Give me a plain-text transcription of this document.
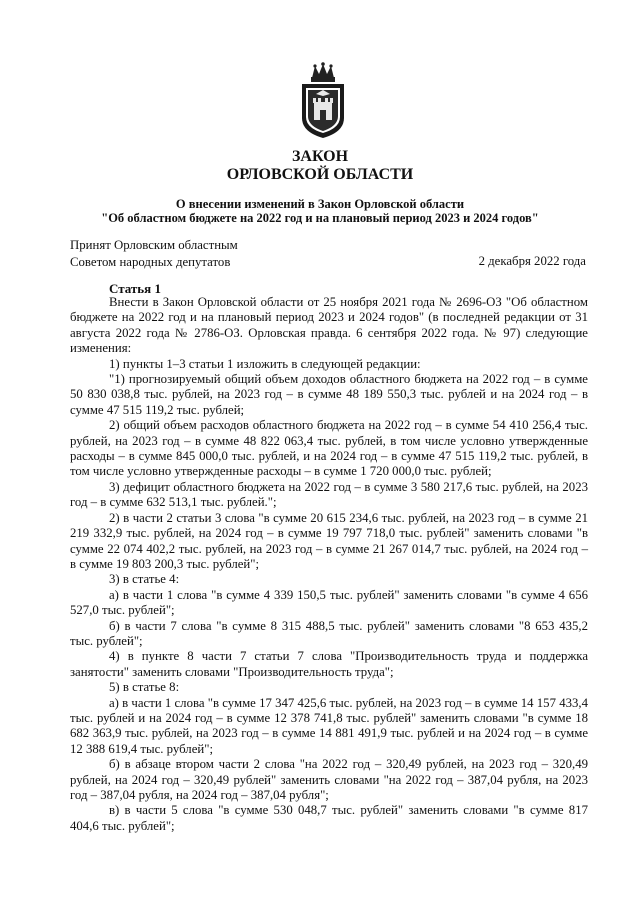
ЗАКОН
ОРЛОВСКОЙ ОБЛАСТИ
О внесении изменений в Закон Орловской области
"Об областном бюджете на 2022 год и на плановый период 2023 и 2024 годов"
Принят Орловским областным
Советом народных депутатов	2 декабря 2022 года
Статья 1

Внести в Закон Орловской области от 25 ноября 2021 года № 2696-ОЗ "Об областном бюджете на 2022 год и на плановый период 2023 и 2024 годов" (в последней редакции от 31 августа 2022 года № 2786-ОЗ. Орловская правда. 6 сентября 2022 года. № 97) следующие изменения:

1) пункты 1–3 статьи 1 изложить в следующей редакции:

"1) прогнозируемый общий объем доходов областного бюджета на 2022 год – в сумме 50 830 038,8 тыс. рублей, на 2023 год – в сумме 48 189 550,3 тыс. рублей и на 2024 год – в сумме 47 515 119,2 тыс. рублей;

2) общий объем расходов областного бюджета на 2022 год – в сумме 54 410 256,4 тыс. рублей, на 2023 год – в сумме 48 822 063,4 тыс. рублей, в том числе условно утвержденные расходы – в сумме 845 000,0 тыс. рублей, и на 2024 год – в сумме 47 515 119,2 тыс. рублей, в том числе условно утвержденные расходы – в сумме 1 720 000,0 тыс. рублей;

3) дефицит областного бюджета на 2022 год – в сумме 3 580 217,6 тыс. рублей, на 2023 год – в сумме 632 513,1 тыс. рублей.";

2) в части 2 статьи 3 слова "в сумме 20 615 234,6 тыс. рублей, на 2023 год – в сумме 21 219 332,9 тыс. рублей, на 2024 год – в сумме 19 797 718,0 тыс. рублей" заменить словами "в сумме 22 074 402,2 тыс. рублей, на 2023 год – в сумме 21 267 014,7 тыс. рублей, на 2024 год – в сумме 19 803 200,3 тыс. рублей";

3) в статье 4:

а) в части 1 слова "в сумме 4 339 150,5 тыс. рублей" заменить словами "в сумме 4 656 527,0 тыс. рублей";

б) в части 7 слова "в сумме 8 315 488,5 тыс. рублей" заменить словами "8 653 435,2 тыс. рублей";

4) в пункте 8 части 7 статьи 7 слова "Производительность труда и поддержка занятости" заменить словами "Производительность труда";

5) в статье 8:

а) в части 1 слова "в сумме 17 347 425,6 тыс. рублей, на 2023 год – в сумме 14 157 433,4 тыс. рублей и на 2024 год – в сумме 12 378 741,8 тыс. рублей" заменить словами "в сумме 18 682 363,9 тыс. рублей, на 2023 год – в сумме 14 881 491,9 тыс. рублей и на 2024 год – в сумме 12 388 619,4 тыс. рублей";

б) в абзаце втором части 2 слова "на 2022 год – 320,49 рублей, на 2023 год – 320,49 рублей, на 2024 год – 320,49 рублей" заменить словами "на 2022 год – 387,04 рубля, на 2023 год – 387,04 рубля, на 2024 год – 387,04 рубля";

в) в части 5 слова "в сумме 530 048,7 тыс. рублей" заменить словами "в сумме 817 404,6 тыс. рублей";
